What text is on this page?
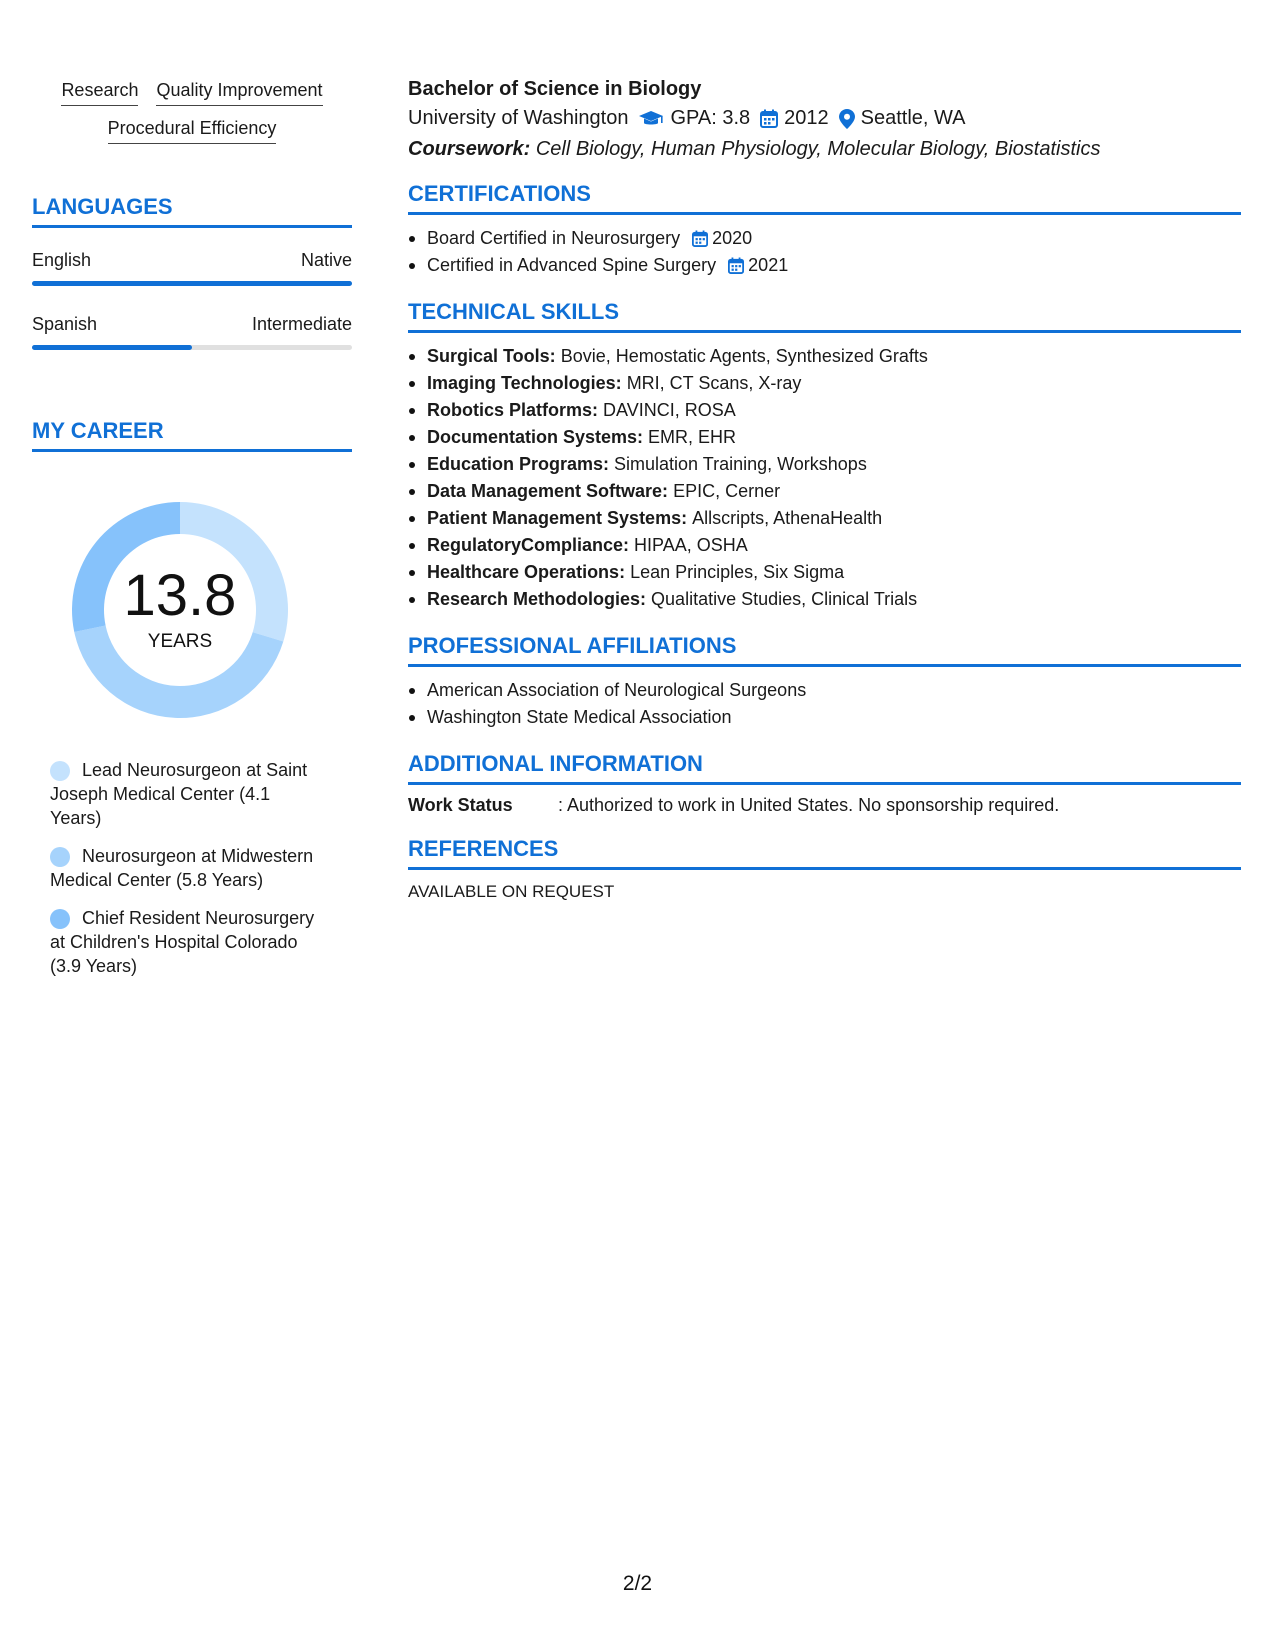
Research Quality Improvement
Procedural Efficiency
LANGUAGES
English	Native
Spanish	Intermediate
MY CAREER
13.8
YEARS
Lead Neurosurgeon at Saint Joseph Medical Center (4.1 Years)
Neurosurgeon at Midwestern Medical Center (5.8 Years)
Chief Resident Neurosurgery at Children's Hospital Colorado (3.9 Years)
Bachelor of Science in Biology
University of Washington GPA: 3.8 2012 Seattle, WA
Coursework: Cell Biology, Human Physiology, Molecular Biology, Biostatistics
CERTIFICATIONS
Board Certified in Neurosurgery 2020
Certified in Advanced Spine Surgery 2021
TECHNICAL SKILLS
Surgical Tools: Bovie, Hemostatic Agents, Synthesized Grafts
Imaging Technologies: MRI, CT Scans, X-ray
Robotics Platforms: DAVINCI, ROSA
Documentation Systems: EMR, EHR
Education Programs: Simulation Training, Workshops
Data Management Software: EPIC, Cerner
Patient Management Systems: Allscripts, AthenaHealth
RegulatoryCompliance: HIPAA, OSHA
Healthcare Operations: Lean Principles, Six Sigma
Research Methodologies: Qualitative Studies, Clinical Trials
PROFESSIONAL AFFILIATIONS
American Association of Neurological Surgeons
Washington State Medical Association
ADDITIONAL INFORMATION
Work Status	: Authorized to work in United States. No sponsorship required.
REFERENCES
AVAILABLE ON REQUEST
2/2
